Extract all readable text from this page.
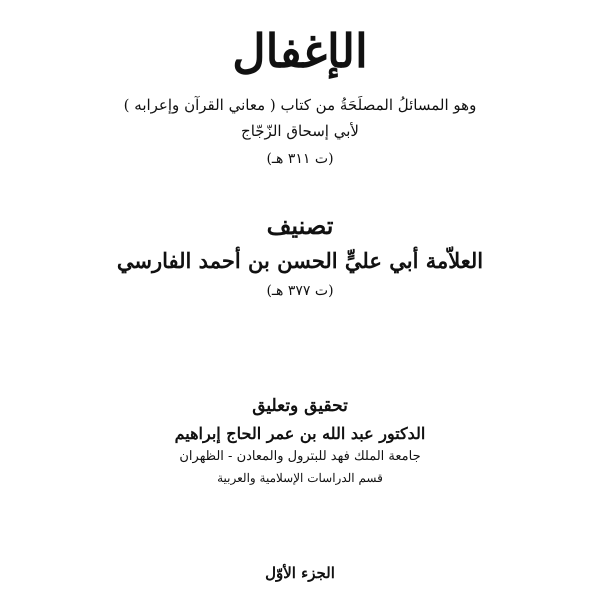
الإغفال
وهو المسائلُ المصلَحَةُ من كتاب ( معاني القرآن وإعرابه )
لأبي إسحاق الزّجّاج
(ت ٣١١ هـ)
تصنيف
العلاّمة أبي عليٍّ الحسن بن أحمد الفارسي
(ت ٣٧٧ هـ)
تحقيق وتعليق
الدكتور عبد الله بن عمر الحاج إبراهيم
جامعة الملك فهد للبترول والمعادن - الظهران
قسم الدراسات الإسلامية والعربية
الجزء الأوّل
